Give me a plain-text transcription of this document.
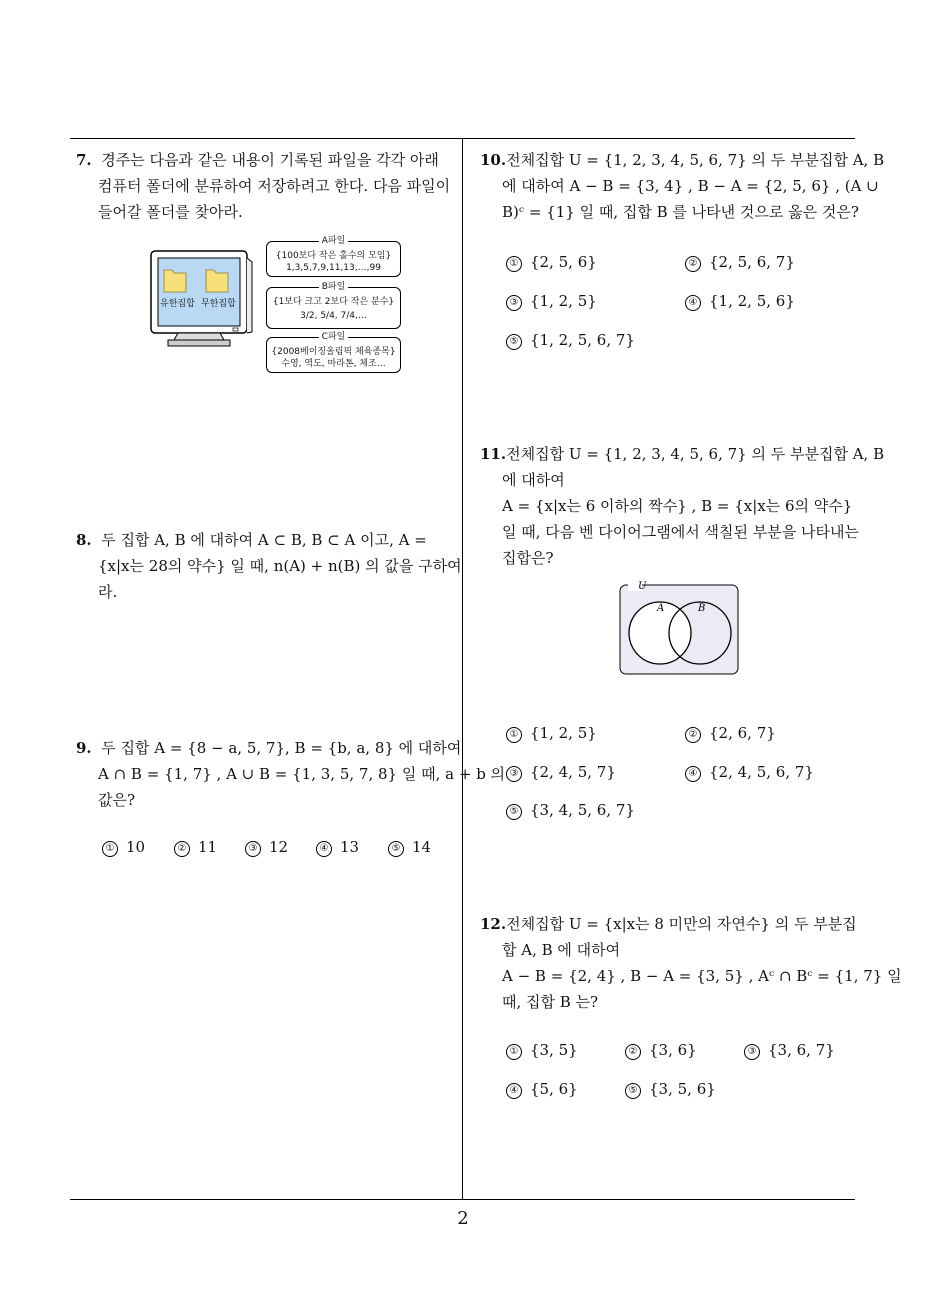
7. 경주는 다음과 같은 내용이 기록된 파일을 각각 아래
컴퓨터 폴더에 분류하여 저장하려고 한다. 다음 파일이
들어갈 폴더를 찾아라.
유한집합 무한집합
A파일
{100보다 작은 홀수의 모임}
1,3,5,7,9,11,13,…,99
B파일
{1보다 크고 2보다 작은 분수}
3/2, 5/4, 7/4,…
C파일
{2008베이징올림픽 체육종목}
수영, 역도, 마라톤, 체조…
8. 두 집합 A, B 에 대하여 A ⊂ B, B ⊂ A 이고, A =
{x|x는 28의 약수} 일 때, n(A) + n(B) 의 값을 구하여
라.
9. 두 집합 A = {8 − a, 5, 7}, B = {b, a, 8} 에 대하여
A ∩ B = {1, 7} , A ∪ B = {1, 3, 5, 7, 8} 일 때, a + b 의
값은?
① 10	② 11	③ 12	④ 13	⑤ 14
10.전체집합 U = {1, 2, 3, 4, 5, 6, 7} 의 두 부분집합 A, B
에 대하여 A − B = {3, 4} , B − A = {2, 5, 6} , (A ∪
B)ᶜ = {1} 일 때, 집합 B 를 나타낸 것으로 옳은 것은?
① {2, 5, 6}	② {2, 5, 6, 7}
③ {1, 2, 5}	④ {1, 2, 5, 6}
⑤ {1, 2, 5, 6, 7}
11.전체집합 U = {1, 2, 3, 4, 5, 6, 7} 의 두 부분집합 A, B
에 대하여
A = {x|x는 6 이하의 짝수} , B = {x|x는 6의 약수}
일 때, 다음 벤 다이어그램에서 색칠된 부분을 나타내는
집합은?
U
A	B
① {1, 2, 5}	② {2, 6, 7}
③ {2, 4, 5, 7}	④ {2, 4, 5, 6, 7}
⑤ {3, 4, 5, 6, 7}
12.전체집합 U = {x|x는 8 미만의 자연수} 의 두 부분집
합 A, B 에 대하여
A − B = {2, 4} , B − A = {3, 5} , Aᶜ ∩ Bᶜ = {1, 7} 일
때, 집합 B 는?
① {3, 5}	② {3, 6}	③ {3, 6, 7}
④ {5, 6}	⑤ {3, 5, 6}
2
